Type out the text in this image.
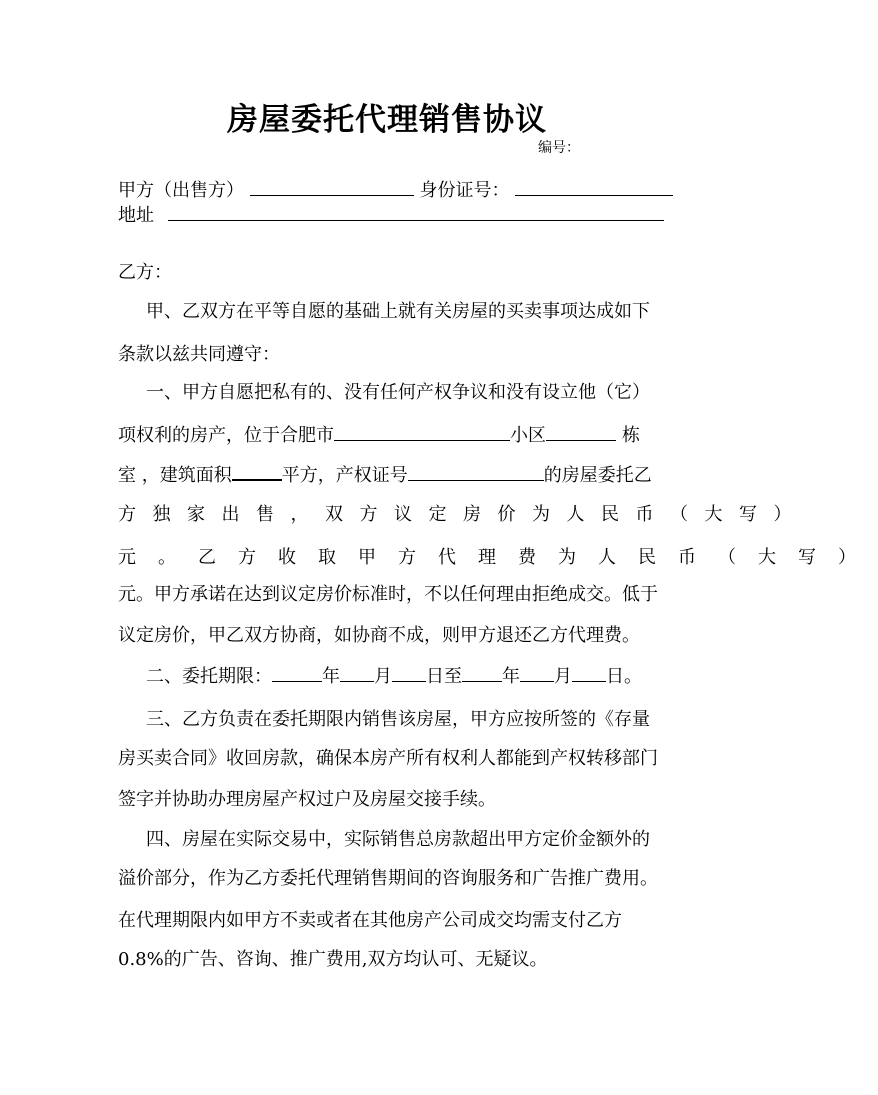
房屋委托代理销售协议
编号：
甲方（出售方）	身份证号：
地址
乙方：
甲、乙双方在平等自愿的基础上就有关房屋的买卖事项达成如下
条款以兹共同遵守：
一、甲方自愿把私有的、没有任何产权争议和没有设立他（它）
项权利的房产，位于合肥市	小区	栋
室 ，建筑面积	平方，产权证号	的房屋委托乙
方独家出售，双方议定房价为人民币（大写）
元。乙方收取甲方代理费为人民币（大写）
元。甲方承诺在达到议定房价标准时，不以任何理由拒绝成交。低于
议定房价，甲乙双方协商，如协商不成，则甲方退还乙方代理费。
二、委托期限：	年 月 日至 年 月 日。
三、乙方负责在委托期限内销售该房屋，甲方应按所签的《存量
房买卖合同》收回房款，确保本房产所有权利人都能到产权转移部门
签字并协助办理房屋产权过户及房屋交接手续。
四、房屋在实际交易中，实际销售总房款超出甲方定价金额外的
溢价部分，作为乙方委托代理销售期间的咨询服务和广告推广费用。
在代理期限内如甲方不卖或者在其他房产公司成交均需支付乙方
0.8%的广告、咨询、推广费用,双方均认可、无疑议。
